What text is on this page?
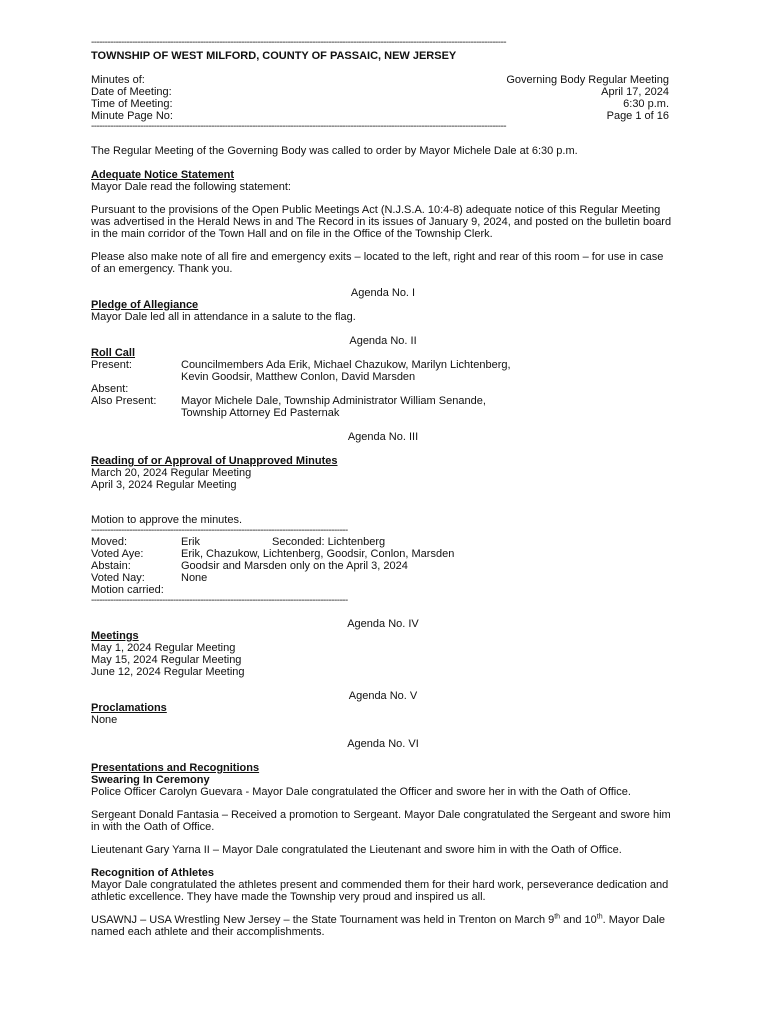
--------------------------------------------------------------------------------------------------------------------------------------------------------
TOWNSHIP OF WEST MILFORD, COUNTY OF PASSAIC, NEW JERSEY
Minutes of:	Governing Body Regular Meeting
Date of Meeting:	April 17, 2024
Time of Meeting:	6:30 p.m.
Minute Page No:	Page 1 of 16
--------------------------------------------------------------------------------------------------------------------------------------------------------

The Regular Meeting of the Governing Body was called to order by Mayor Michele Dale at 6:30 p.m.

Adequate Notice Statement
Mayor Dale read the following statement:

Pursuant to the provisions of the Open Public Meetings Act (N.J.S.A. 10:4-8) adequate notice of this Regular Meeting was advertised in the Herald News in and The Record in its issues of January 9, 2024, and posted on the bulletin board in the main corridor of the Town Hall and on file in the Office of the Township Clerk.

Please also make note of all fire and emergency exits – located to the left, right and rear of this room – for use in case of an emergency. Thank you.

Agenda No. I
Pledge of Allegiance
Mayor Dale led all in attendance in a salute to the flag.
Agenda No. II
Roll Call
Present:	Councilmembers Ada Erik, Michael Chazukow, Marilyn Lichtenberg,
Kevin Goodsir, Matthew Conlon, David Marsden
Absent:
Also Present:	Mayor Michele Dale, Township Administrator William Senande,
Township Attorney Ed Pasternak
Agenda No. III
Reading of or Approval of Unapproved Minutes
March 20, 2024 Regular Meeting
April 3, 2024 Regular Meeting
Motion to approve the minutes.
----------------------------------------------------------------------------------------------
Moved:	Erik	Seconded: Lichtenberg
Voted Aye:	Erik, Chazukow, Lichtenberg, Goodsir, Conlon, Marsden
Abstain:	Goodsir and Marsden only on the April 3, 2024
Voted Nay:	None
Motion carried:
----------------------------------------------------------------------------------------------
Agenda No. IV
Meetings
May 1, 2024 Regular Meeting
May 15, 2024 Regular Meeting
June 12, 2024 Regular Meeting
Agenda No. V
Proclamations
None
Agenda No. VI
Presentations and Recognitions
Swearing In Ceremony

Police Officer Carolyn Guevara - Mayor Dale congratulated the Officer and swore her in with the Oath of Office.

Sergeant Donald Fantasia – Received a promotion to Sergeant. Mayor Dale congratulated the Sergeant and swore him in with the Oath of Office.

Lieutenant Gary Yarna II – Mayor Dale congratulated the Lieutenant and swore him in with the Oath of Office.

Recognition of Athletes

Mayor Dale congratulated the athletes present and commended them for their hard work, perseverance dedication and athletic excellence. They have made the Township very proud and inspired us all.

USAWNJ – USA Wrestling New Jersey – the State Tournament was held in Trenton on March 9th and 10th. Mayor Dale named each athlete and their accomplishments.
